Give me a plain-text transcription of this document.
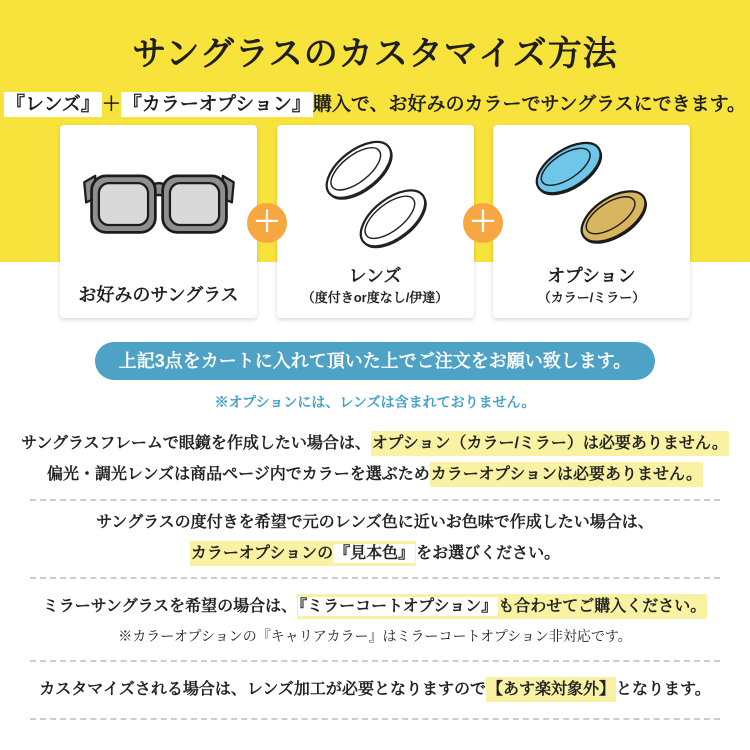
サングラスのカスタマイズ方法

『レンズ』 ＋ 『カラーオプション』 購入で、お好みのカラーでサングラスにできます。

お好みのサングラス
レンズ
（度付きor度なし/伊達）
オプション
（カラー/ミラー）
＋	＋
上記3点をカートに入れて頂いた上でご注文をお願い致します。

※オプションには、レンズは含まれておりません。

サングラスフレームで眼鏡を作成したい場合は、オプション（カラー/ミラー）は必要ありません。

偏光・調光レンズは商品ページ内でカラーを選ぶためカラーオプションは必要ありません。

サングラスの度付きを希望で元のレンズ色に近いお色味で作成したい場合は、

カラーオプションの『見本色』 をお選びください。

ミラーサングラスを希望の場合は、 『ミラーコートオプション』も合わせてご購入ください。

※カラーオプションの『キャリアカラー』はミラーコートオプション非対応です。

カスタマイズされる場合は、レンズ加工が必要となりますので【あす楽対象外】となります。
